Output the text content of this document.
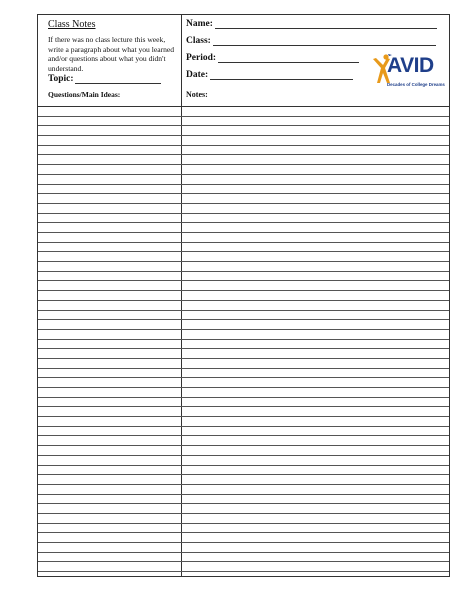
Class Notes

If there was no class lecture this week, write a paragraph about what you learned and/or questions about what you didn't understand.

Topic:
Questions/Main Ideas:
Name:
Class:
Period:
Date:
Notes:
AVID
Decades of College Dreams
